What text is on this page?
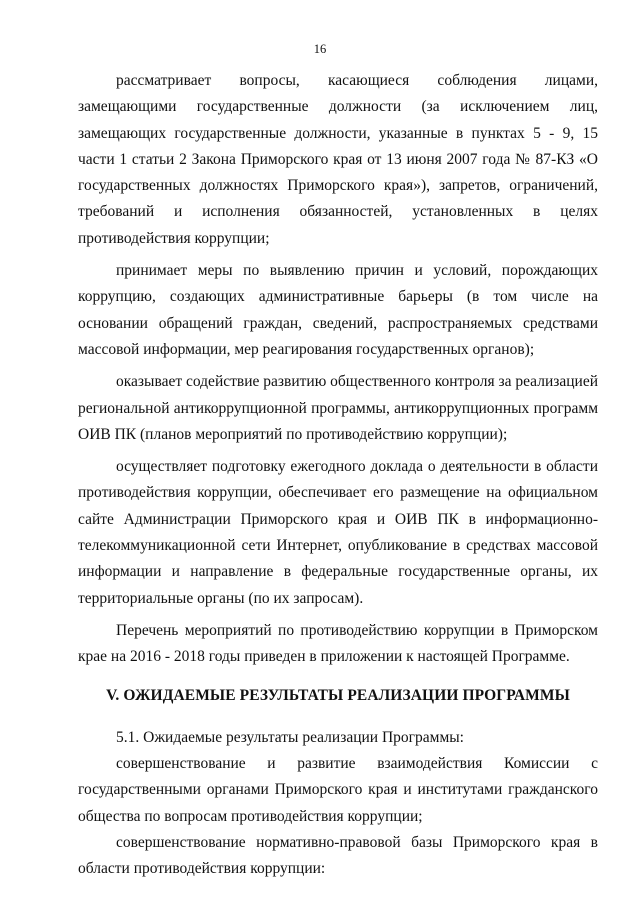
16

рассматривает вопросы, касающиеся соблюдения лицами, замещающими государственные должности (за исключением лиц, замещающих государственные должности, указанные в пунктах 5 - 9, 15 части 1 статьи 2 Закона Приморского края от 13 июня 2007 года № 87-КЗ «О государственных должностях Приморского края»), запретов, ограничений, требований и исполнения обязанностей, установленных в целях противодействия коррупции;

принимает меры по выявлению причин и условий, порождающих коррупцию, создающих административные барьеры (в том числе на основании обращений граждан, сведений, распространяемых средствами массовой информации, мер реагирования государственных органов);

оказывает содействие развитию общественного контроля за реализацией региональной антикоррупционной программы, антикоррупционных программ ОИВ ПК (планов мероприятий по противодействию коррупции);

осуществляет подготовку ежегодного доклада о деятельности в области противодействия коррупции, обеспечивает его размещение на официальном сайте Администрации Приморского края и ОИВ ПК в информационно-телекоммуникационной сети Интернет, опубликование в средствах массовой информации и направление в федеральные государственные органы, их территориальные органы (по их запросам).

Перечень мероприятий по противодействию коррупции в Приморском крае на 2016 - 2018 годы приведен в приложении к настоящей Программе.

V. ОЖИДАЕМЫЕ РЕЗУЛЬТАТЫ РЕАЛИЗАЦИИ ПРОГРАММЫ

5.1. Ожидаемые результаты реализации Программы:

совершенствование и развитие взаимодействия Комиссии с государственными органами Приморского края и институтами гражданского общества по вопросам противодействия коррупции;

совершенствование нормативно-правовой базы Приморского края в области противодействия коррупции:
